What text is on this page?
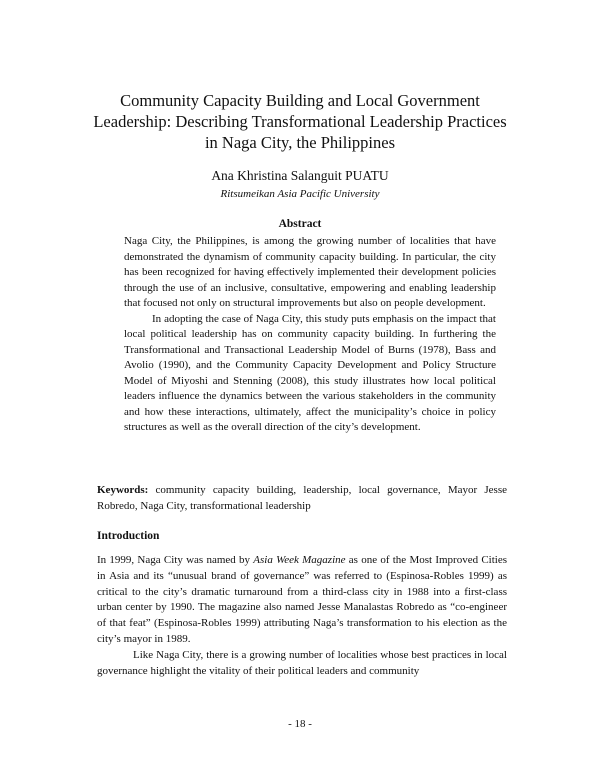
Community Capacity Building and Local Government Leadership: Describing Transformational Leadership Practices in Naga City, the Philippines
Ana Khristina Salanguit PUATU
Ritsumeikan Asia Pacific University
Abstract

Naga City, the Philippines, is among the growing number of localities that have demonstrated the dynamism of community capacity building. In particular, the city has been recognized for having effectively implemented their development policies through the use of an inclusive, consultative, empowering and enabling leadership that focused not only on structural improvements but also on people development.

In adopting the case of Naga City, this study puts emphasis on the impact that local political leadership has on community capacity building. In furthering the Transformational and Transactional Leadership Model of Burns (1978), Bass and Avolio (1990), and the Community Capacity Development and Policy Structure Model of Miyoshi and Stenning (2008), this study illustrates how local political leaders influence the dynamics between the various stakeholders in the community and how these interactions, ultimately, affect the municipality’s choice in policy structures as well as the overall direction of the city’s development.

Keywords: community capacity building, leadership, local governance, Mayor Jesse Robredo, Naga City, transformational leadership

Introduction

In 1999, Naga City was named by Asia Week Magazine as one of the Most Improved Cities in Asia and its “unusual brand of governance” was referred to (Espinosa-Robles 1999) as critical to the city’s dramatic turnaround from a third-class city in 1988 into a first-class urban center by 1990. The magazine also named Jesse Manalastas Robredo as “co-engineer of that feat” (Espinosa-Robles 1999) attributing Naga’s transformation to his election as the city’s mayor in 1989.

Like Naga City, there is a growing number of localities whose best practices in local governance highlight the vitality of their political leaders and community

- 18 -
